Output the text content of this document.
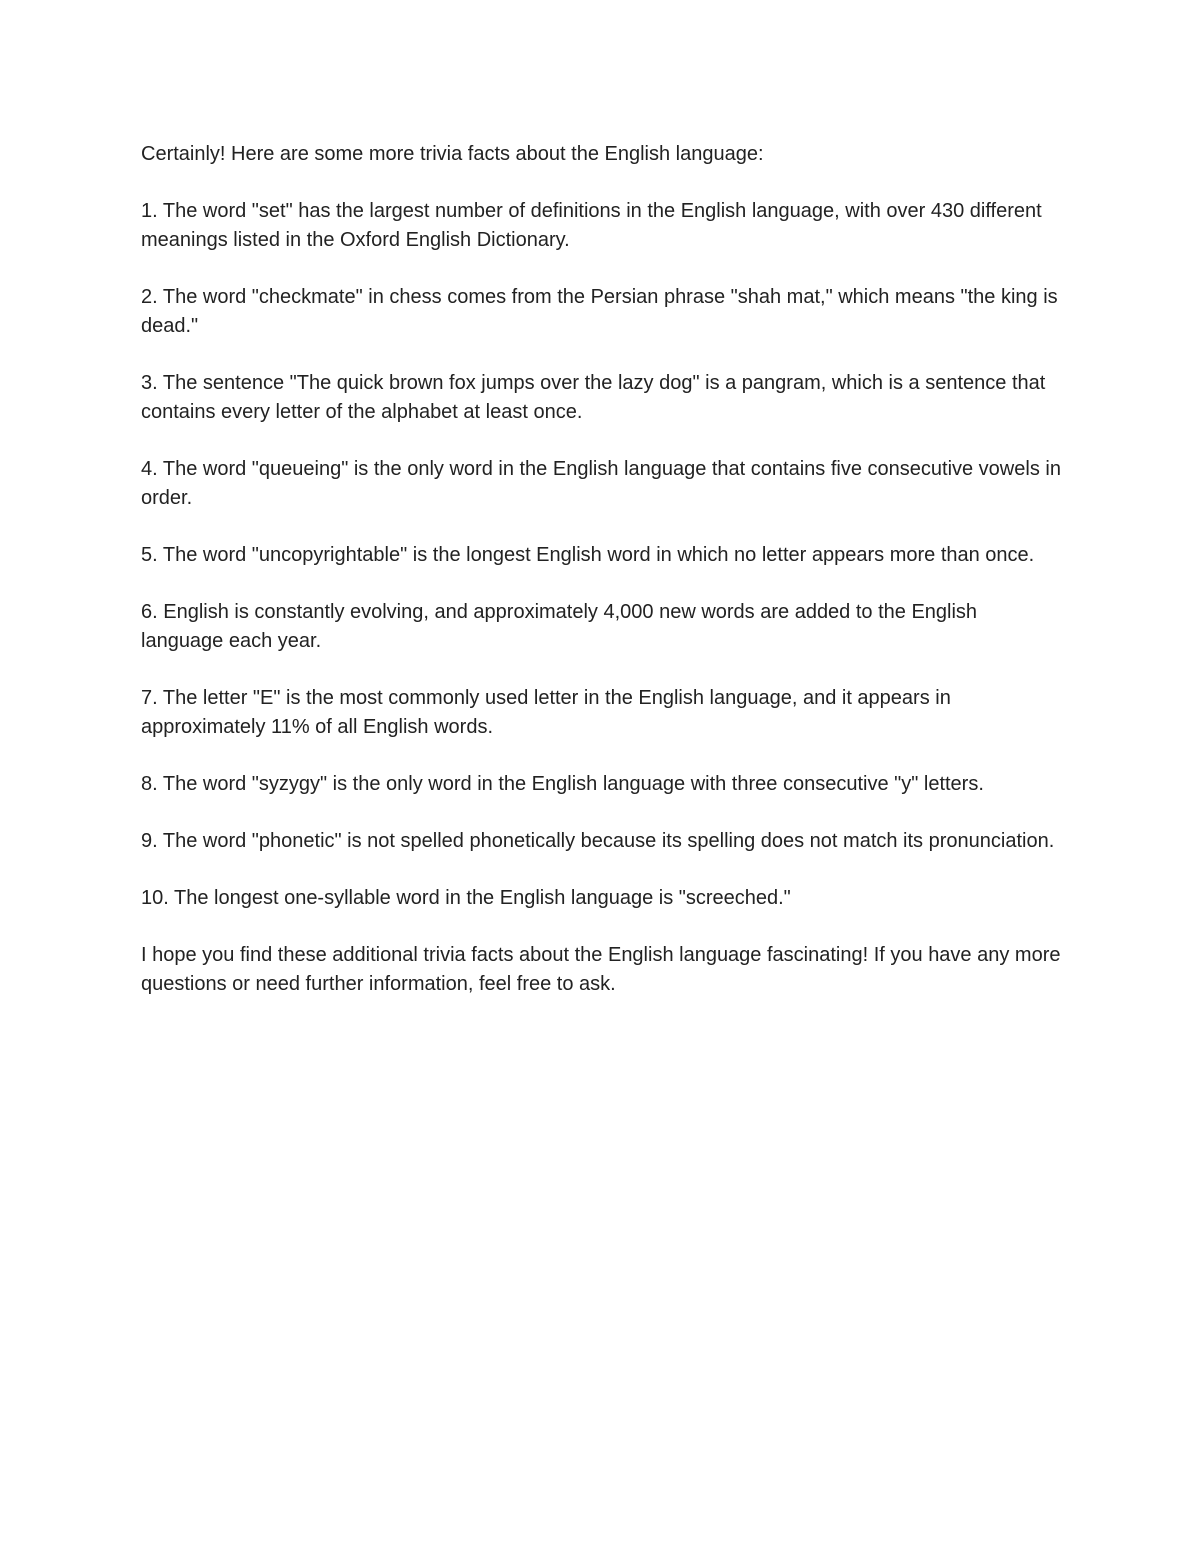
Certainly! Here are some more trivia facts about the English language:

1. The word "set" has the largest number of definitions in the English language, with over 430 different meanings listed in the Oxford English Dictionary.

2. The word "checkmate" in chess comes from the Persian phrase "shah mat," which means "the king is dead."

3. The sentence "The quick brown fox jumps over the lazy dog" is a pangram, which is a sentence that contains every letter of the alphabet at least once.

4. The word "queueing" is the only word in the English language that contains five consecutive vowels in order.

5. The word "uncopyrightable" is the longest English word in which no letter appears more than once.

6. English is constantly evolving, and approximately 4,000 new words are added to the English language each year.

7. The letter "E" is the most commonly used letter in the English language, and it appears in approximately 11% of all English words.

8. The word "syzygy" is the only word in the English language with three consecutive "y" letters.

9. The word "phonetic" is not spelled phonetically because its spelling does not match its pronunciation.

10. The longest one-syllable word in the English language is "screeched."

I hope you find these additional trivia facts about the English language fascinating! If you have any more questions or need further information, feel free to ask.
